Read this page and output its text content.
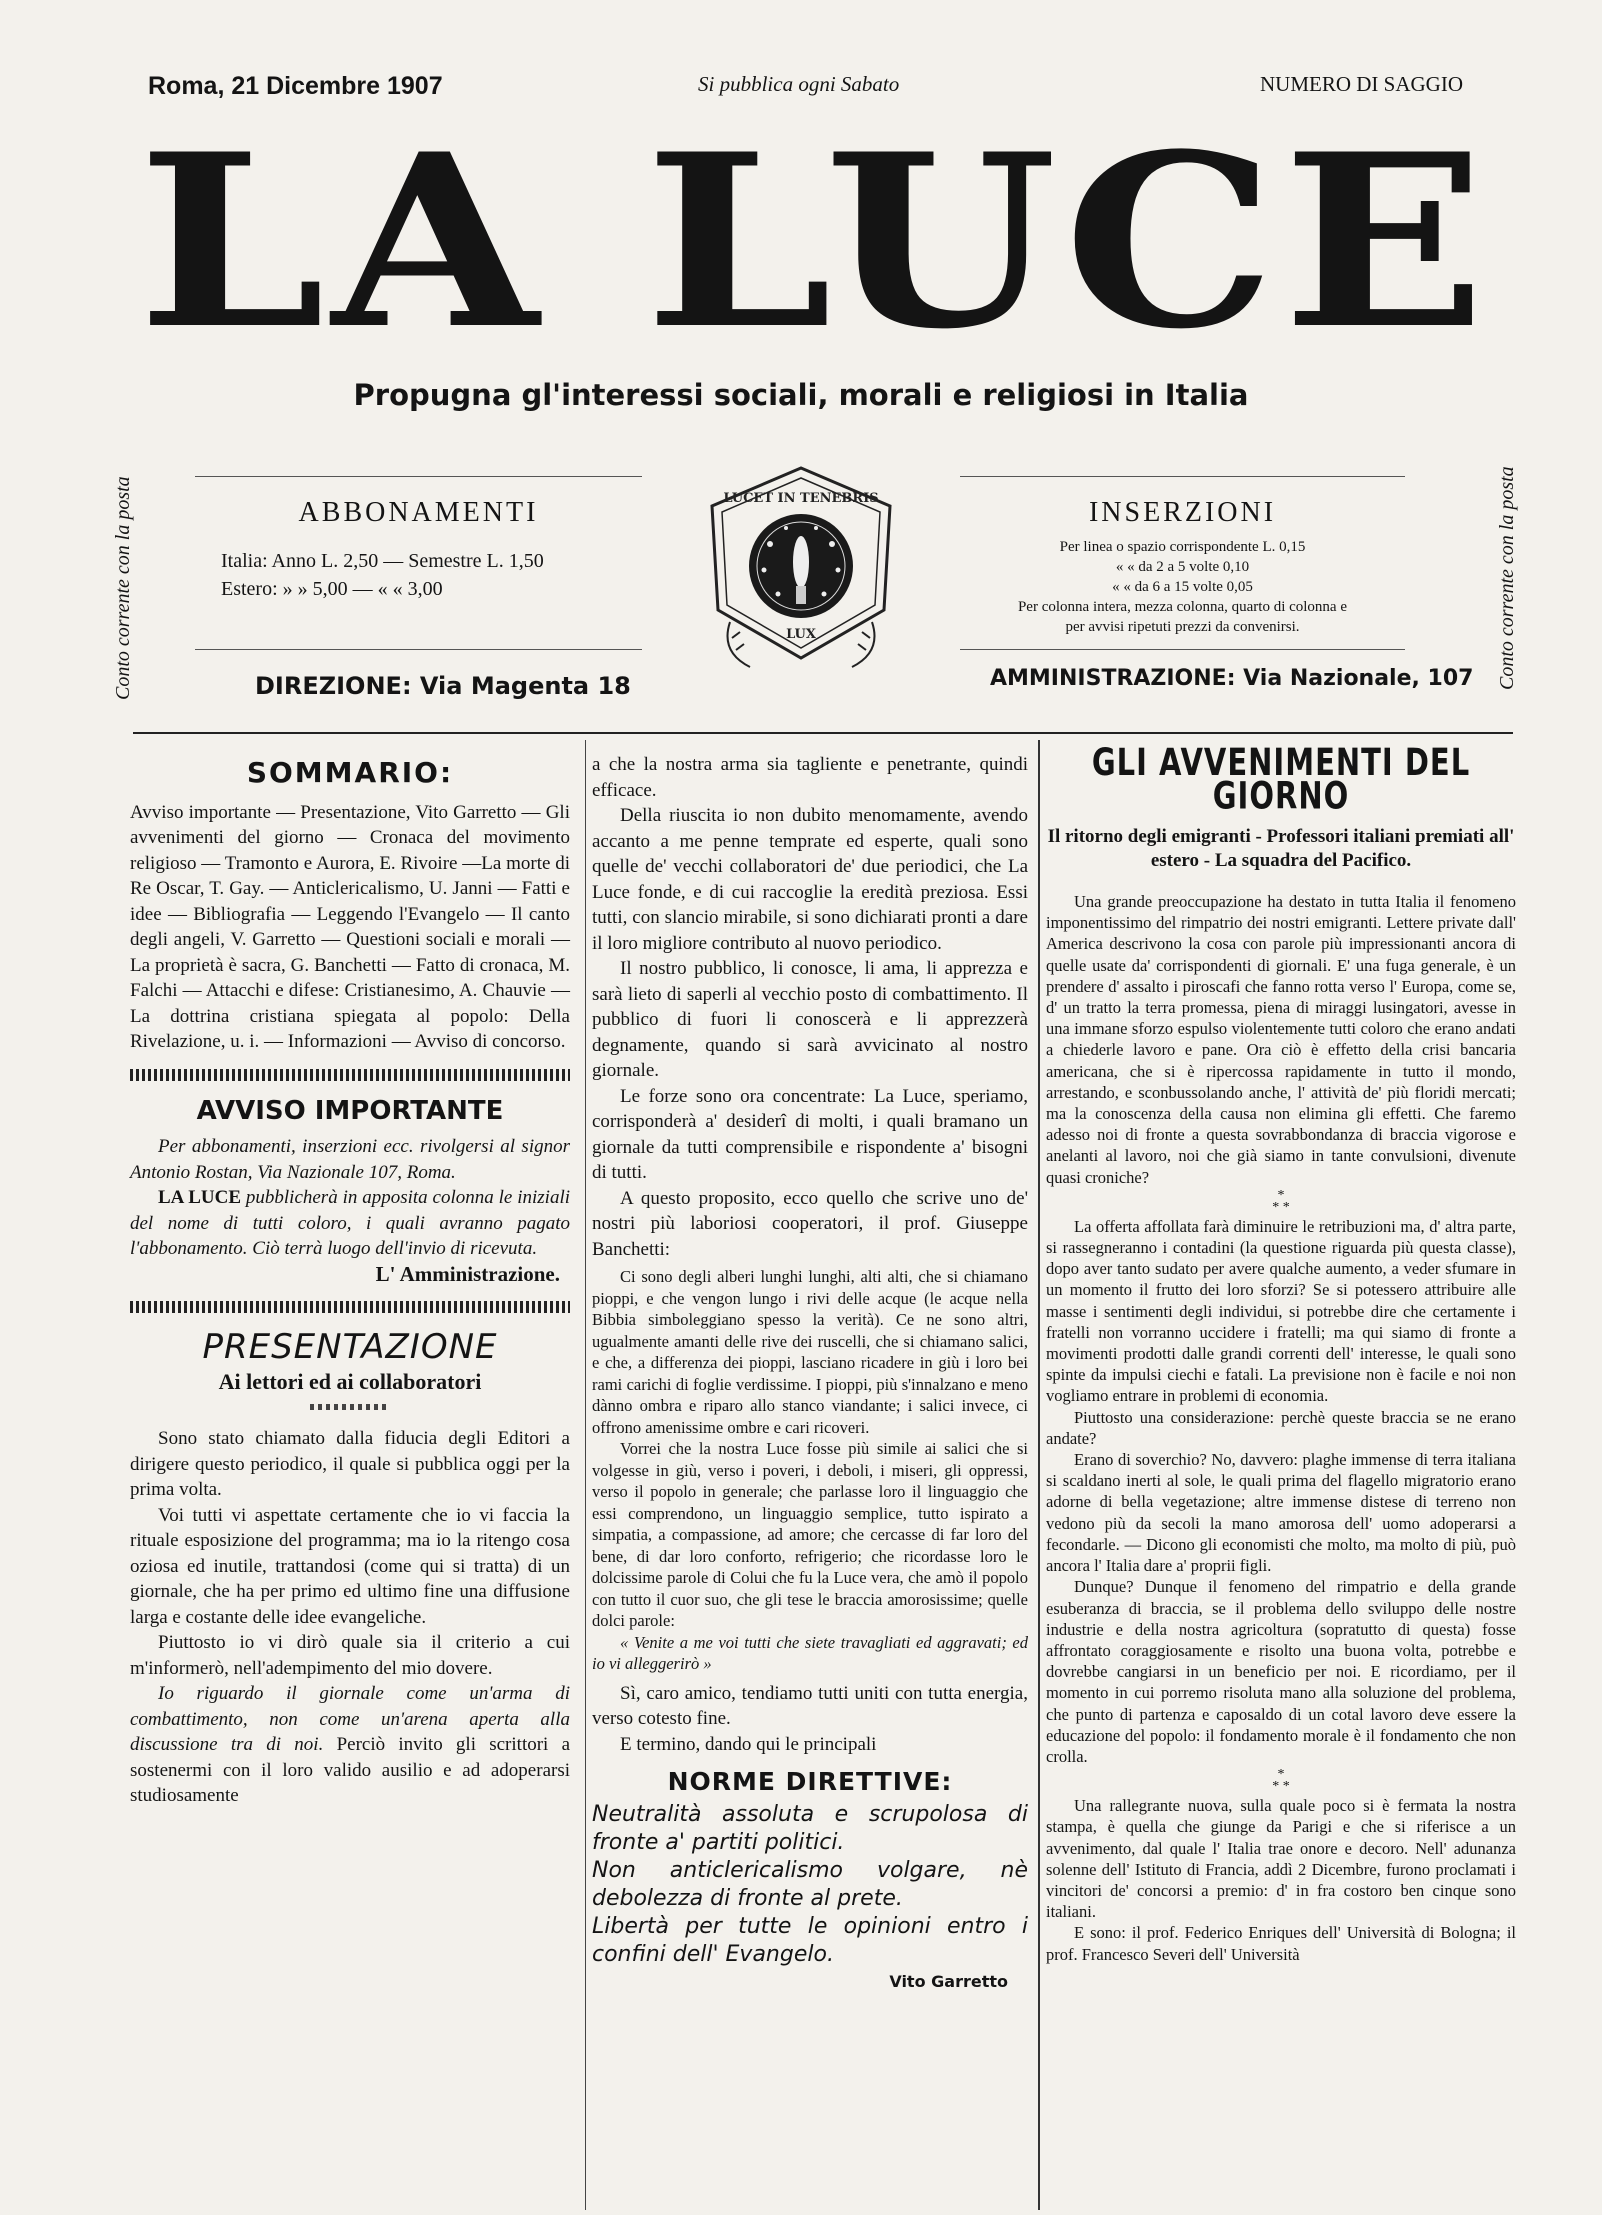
Roma, 21 Dicembre 1907	Si pubblica ogni Sabato	NUMERO DI SAGGIO
LA LUCE
Propugna gl'interessi sociali, morali e religiosi in Italia
Conto corrente con la posta	Conto corrente con la posta
ABBONAMENTI
Italia: Anno L. 2,50 — Semestre L. 1,50
Estero: » » 5,00 — « « 3,00
LUCET IN TENEBRIS
LUX
INSERZIONI
Per linea o spazio corrispondente L. 0,15
« « da 2 a 5 volte 0,10
« « da 6 a 15 volte 0,05
Per colonna intera, mezza colonna, quarto di colonna e
per avvisi ripetuti prezzi da convenirsi.
DIREZIONE: Via Magenta 18	AMMINISTRAZIONE: Via Nazionale, 107
SOMMARIO:

Avviso importante — Presentazione, Vito Garretto — Gli avvenimenti del giorno — Cronaca del movimento religioso — Tramonto e Aurora, E. Rivoire —La morte di Re Oscar, T. Gay. — Anticlericalismo, U. Janni — Fatti e idee — Bibliografia — Leggendo l'Evangelo — Il canto degli angeli, V. Garretto — Questioni sociali e morali — La proprietà è sacra, G. Banchetti — Fatto di cronaca, M. Falchi — Attacchi e difese: Cristianesimo, A. Chauvie — La dottrina cristiana spiegata al popolo: Della Rivelazione, u. i. — Informazioni — Avviso di concorso.

AVVISO IMPORTANTE

Per abbonamenti, inserzioni ecc. rivolgersi al signor Antonio Rostan, Via Nazionale 107, Roma.

LA LUCE pubblicherà in apposita colonna le iniziali del nome di tutti coloro, i quali avranno pagato l'abbonamento. Ciò terrà luogo dell'invio di ricevuta.

L' Amministrazione.

PRESENTAZIONE
Ai lettori ed ai collaboratori

Sono stato chiamato dalla fiducia degli Editori a dirigere questo periodico, il quale si pubblica oggi per la prima volta.

Voi tutti vi aspettate certamente che io vi faccia la rituale esposizione del programma; ma io la ritengo cosa oziosa ed inutile, trattandosi (come qui si tratta) di un giornale, che ha per primo ed ultimo fine una diffusione larga e costante delle idee evangeliche.

Piuttosto io vi dirò quale sia il criterio a cui m'informerò, nell'adempimento del mio dovere.

Io riguardo il giornale come un'arma di combattimento, non come un'arena aperta alla discussione tra di noi. Perciò invito gli scrittori a sostenermi con il loro valido ausilio e ad adoperarsi studiosamente

a che la nostra arma sia tagliente e penetrante, quindi efficace.

Della riuscita io non dubito menomamente, avendo accanto a me penne temprate ed esperte, quali sono quelle de' vecchi collaboratori de' due periodici, che La Luce fonde, e di cui raccoglie la eredità preziosa. Essi tutti, con slancio mirabile, si sono dichiarati pronti a dare il loro migliore contributo al nuovo periodico.

Il nostro pubblico, li conosce, li ama, li apprezza e sarà lieto di saperli al vecchio posto di combattimento. Il pubblico di fuori li conoscerà e li apprezzerà degnamente, quando si sarà avvicinato al nostro giornale.

Le forze sono ora concentrate: La Luce, speriamo, corrisponderà a' desiderî di molti, i quali bramano un giornale da tutti comprensibile e rispondente a' bisogni di tutti.

A questo proposito, ecco quello che scrive uno de' nostri più laboriosi cooperatori, il prof. Giuseppe Banchetti:

Ci sono degli alberi lunghi lunghi, alti alti, che si chiamano pioppi, e che vengon lungo i rivi delle acque (le acque nella Bibbia simboleggiano spesso la verità). Ce ne sono altri, ugualmente amanti delle rive dei ruscelli, che si chiamano salici, e che, a differenza dei pioppi, lasciano ricadere in giù i loro bei rami carichi di foglie verdissime. I pioppi, più s'innalzano e meno dànno ombra e riparo allo stanco viandante; i salici invece, ci offrono amenissime ombre e cari ricoveri.

Vorrei che la nostra Luce fosse più simile ai salici che si volgesse in giù, verso i poveri, i deboli, i miseri, gli oppressi, verso il popolo in generale; che parlasse loro il linguaggio che essi comprendono, un linguaggio semplice, tutto ispirato a simpatia, a compassione, ad amore; che cercasse di far loro del bene, di dar loro conforto, refrigerio; che ricordasse loro le dolcissime parole di Colui che fu la Luce vera, che amò il popolo con tutto il cuor suo, che gli tese le braccia amorosissime; quelle dolci parole:

« Venite a me voi tutti che siete travagliati ed aggravati; ed io vi alleggerirò »

Sì, caro amico, tendiamo tutti uniti con tutta energia, verso cotesto fine.

E termino, dando qui le principali

NORME DIRETTIVE:

Neutralità assoluta e scrupolosa di fronte a' partiti politici.

Non anticlericalismo volgare, nè debolezza di fronte al prete.

Libertà per tutte le opinioni entro i confini dell' Evangelo.

Vito Garretto
GLI AVVENIMENTI DEL GIORNO
Il ritorno degli emigranti - Professori italiani premiati all' estero - La squadra del Pacifico.

Una grande preoccupazione ha destato in tutta Italia il fenomeno imponentissimo del rimpatrio dei nostri emigranti. Lettere private dall' America descrivono la cosa con parole più impressionanti ancora di quelle usate da' corrispondenti di giornali. E' una fuga generale, è un prendere d' assalto i piroscafi che fanno rotta verso l' Europa, come se, d' un tratto la terra promessa, piena di miraggi lusingatori, avesse in una immane sforzo espulso violentemente tutti coloro che erano andati a chiederle lavoro e pane. Ora ciò è effetto della crisi bancaria americana, che si è ripercossa rapidamente in tutto il mondo, arrestando, e sconbussolando anche, l' attività de' più floridi mercati; ma la conoscenza della causa non elimina gli effetti. Che faremo adesso noi di fronte a questa sovrabbondanza di braccia vigorose e anelanti al lavoro, noi che già siamo in tante convulsioni, divenute quasi croniche?

*
* *

La offerta affollata farà diminuire le retribuzioni ma, d' altra parte, si rassegneranno i contadini (la questione riguarda più questa classe), dopo aver tanto sudato per avere qualche aumento, a veder sfumare in un momento il frutto dei loro sforzi? Se si potessero attribuire alle masse i sentimenti degli individui, si potrebbe dire che certamente i fratelli non vorranno uccidere i fratelli; ma qui siamo di fronte a movimenti prodotti dalle grandi correnti dell' interesse, le quali sono spinte da impulsi ciechi e fatali. La previsione non è facile e noi non vogliamo entrare in problemi di economia.

Piuttosto una considerazione: perchè queste braccia se ne erano andate?

Erano di soverchio? No, davvero: plaghe immense di terra italiana si scaldano inerti al sole, le quali prima del flagello migratorio erano adorne di bella vegetazione; altre immense distese di terreno non vedono più da secoli la mano amorosa dell' uomo adoperarsi a fecondarle. — Dicono gli economisti che molto, ma molto di più, può ancora l' Italia dare a' proprii figli.

Dunque? Dunque il fenomeno del rimpatrio e della grande esuberanza di braccia, se il problema dello sviluppo delle nostre industrie e della nostra agricoltura (sopratutto di questa) fosse affrontato coraggiosamente e risolto una buona volta, potrebbe e dovrebbe cangiarsi in un beneficio per noi. E ricordiamo, per il momento in cui porremo risoluta mano alla soluzione del problema, che punto di partenza e caposaldo di un cotal lavoro deve essere la educazione del popolo: il fondamento morale è il fondamento che non crolla.

*
* *

Una rallegrante nuova, sulla quale poco si è fermata la nostra stampa, è quella che giunge da Parigi e che si riferisce a un avvenimento, dal quale l' Italia trae onore e decoro. Nell' adunanza solenne dell' Istituto di Francia, addì 2 Dicembre, furono proclamati i vincitori de' concorsi a premio: d' in fra costoro ben cinque sono italiani.

E sono: il prof. Federico Enriques dell' Università di Bologna; il prof. Francesco Severi dell' Università
